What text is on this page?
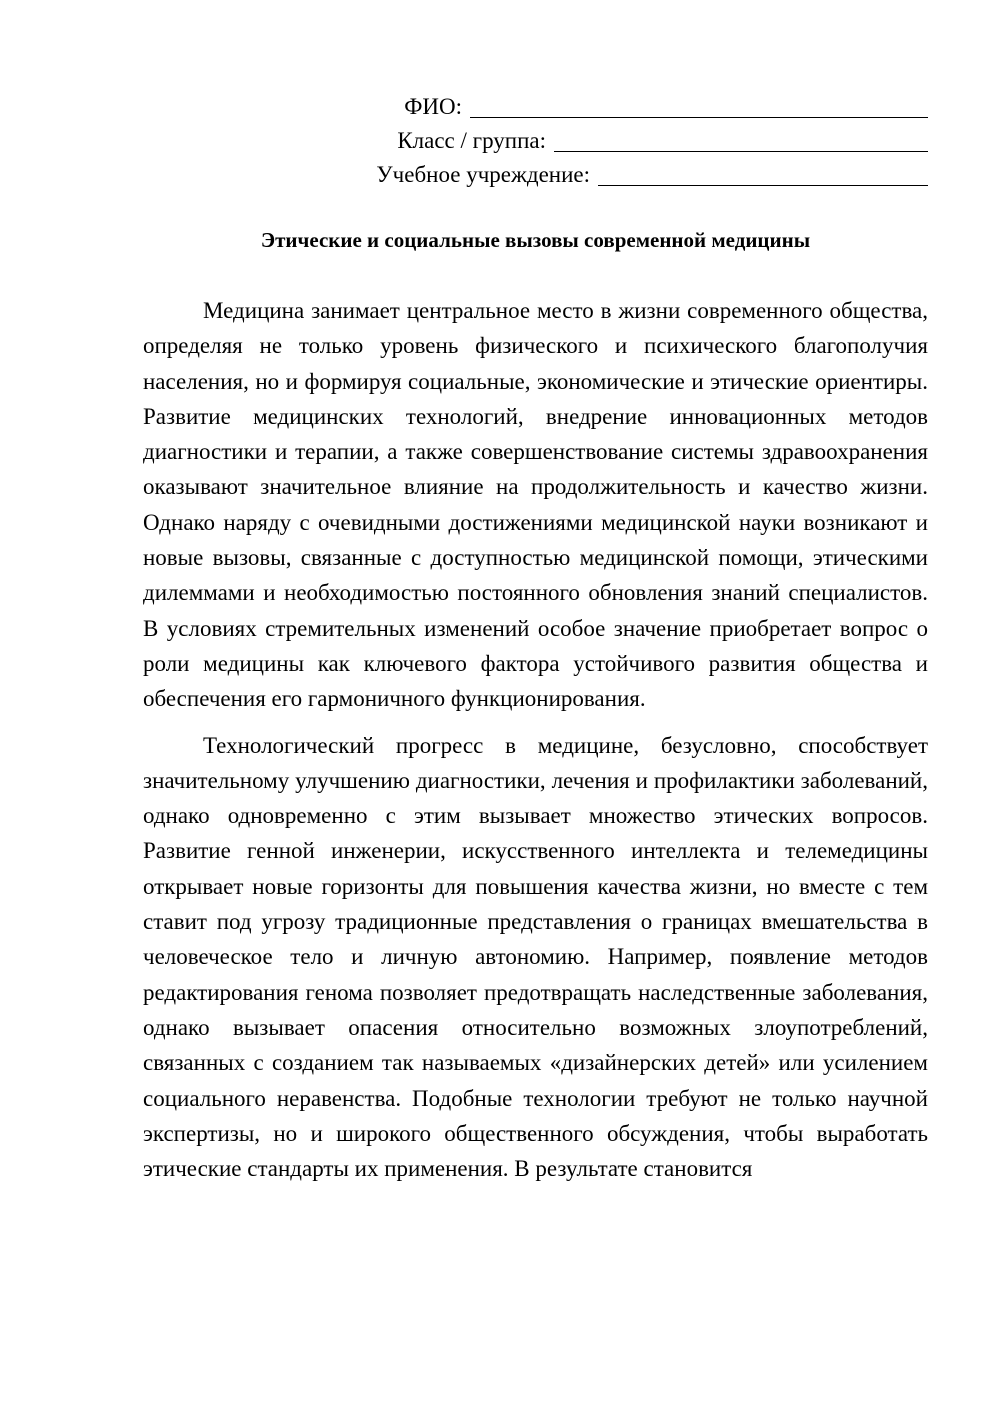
ФИО:
Класс / группа:
Учебное учреждение:
Этические и социальные вызовы современной медицины

Медицина занимает центральное место в жизни современного общества, определяя не только уровень физического и психического благополучия населения, но и формируя социальные, экономические и этические ориентиры. Развитие медицинских технологий, внедрение инновационных методов диагностики и терапии, а также совершенствование системы здравоохранения оказывают значительное влияние на продолжительность и качество жизни. Однако наряду с очевидными достижениями медицинской науки возникают и новые вызовы, связанные с доступностью медицинской помощи, этическими дилеммами и необходимостью постоянного обновления знаний специалистов. В условиях стремительных изменений особое значение приобретает вопрос о роли медицины как ключевого фактора устойчивого развития общества и обеспечения его гармоничного функционирования.

Технологический прогресс в медицине, безусловно, способствует значительному улучшению диагностики, лечения и профилактики заболеваний, однако одновременно с этим вызывает множество этических вопросов. Развитие генной инженерии, искусственного интеллекта и телемедицины открывает новые горизонты для повышения качества жизни, но вместе с тем ставит под угрозу традиционные представления о границах вмешательства в человеческое тело и личную автономию. Например, появление методов редактирования генома позволяет предотвращать наследственные заболевания, однако вызывает опасения относительно возможных злоупотреблений, связанных с созданием так называемых «дизайнерских детей» или усилением социального неравенства. Подобные технологии требуют не только научной экспертизы, но и широкого общественного обсуждения, чтобы выработать этические стандарты их применения. В результате становится
